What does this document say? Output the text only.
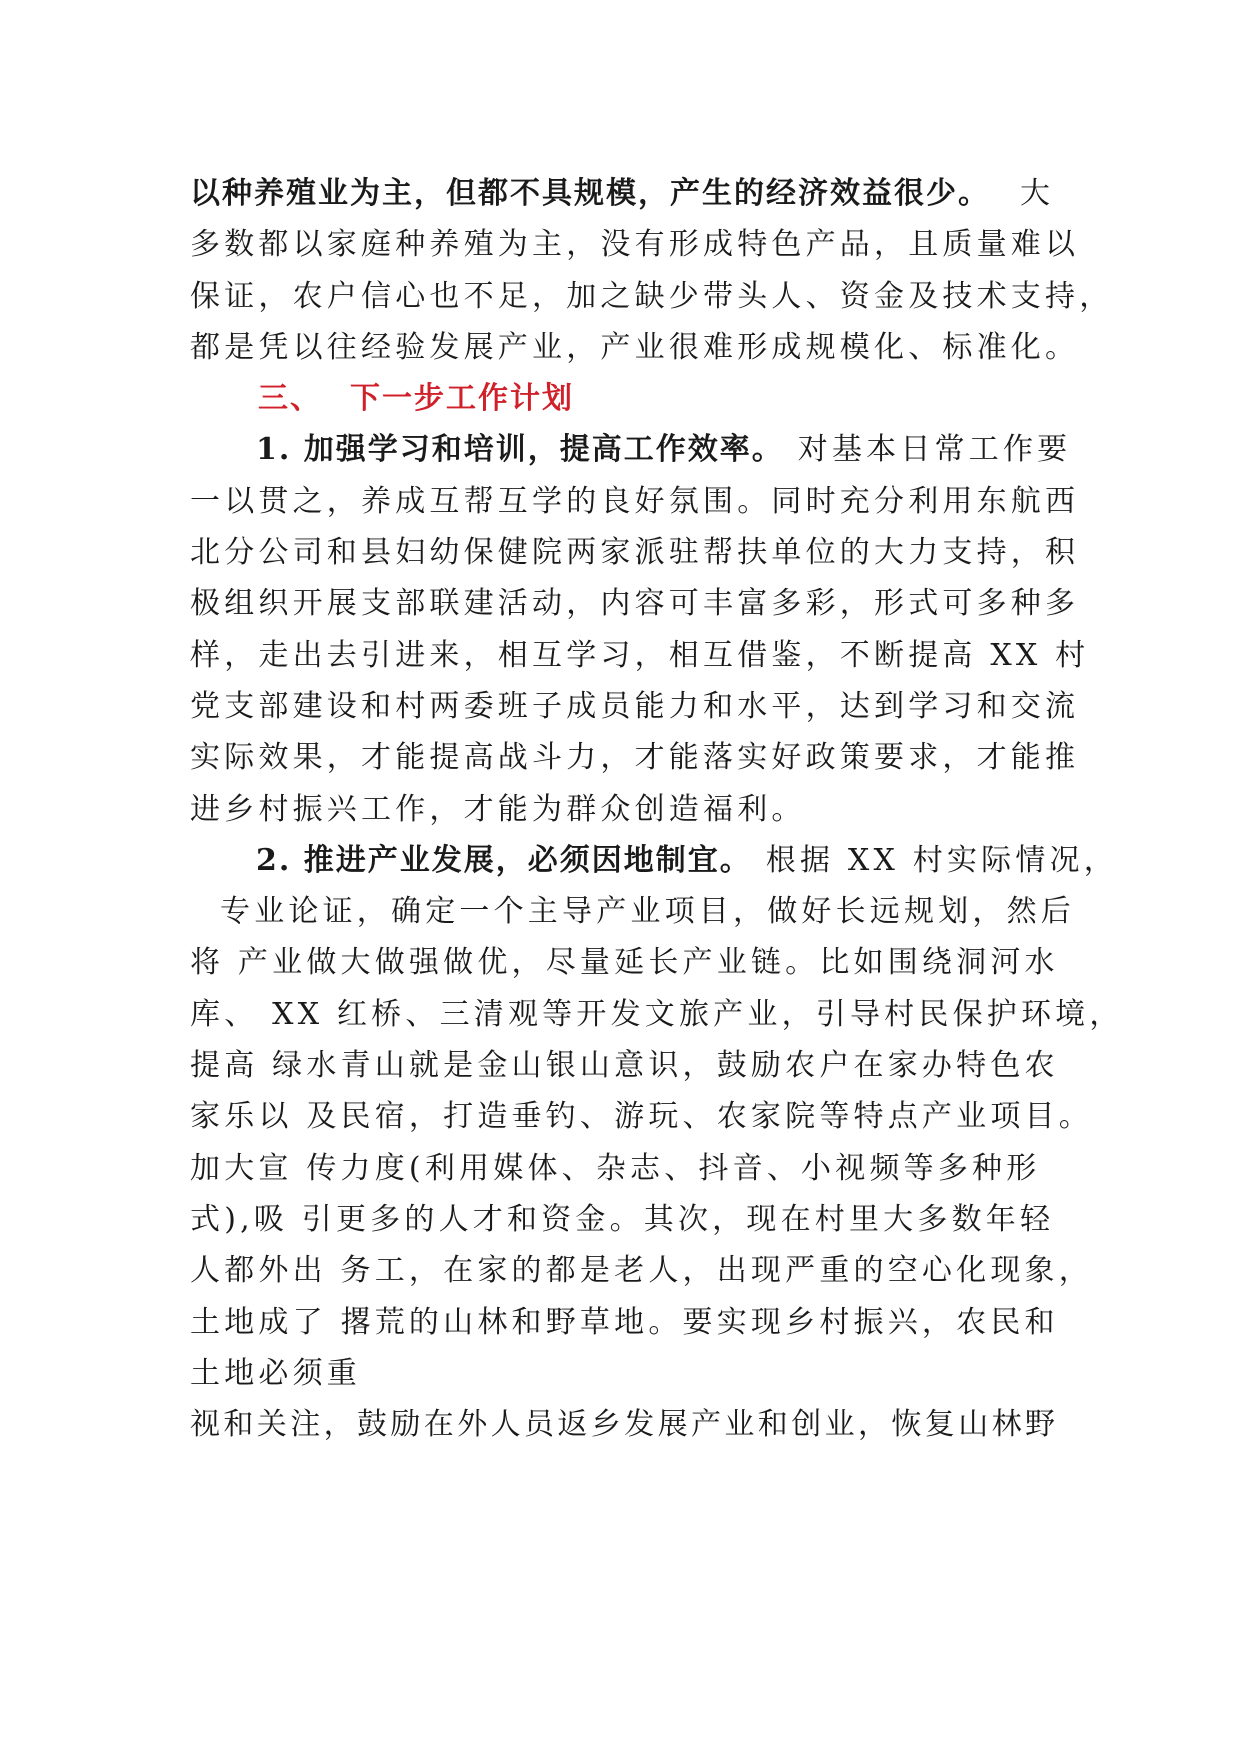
以种养殖业为主，但都不具规模，产生的经济效益很少。 大
多数都以家庭种养殖为主，没有形成特色产品，且质量难以
保证，农户信心也不足，加之缺少带头人、资金及技术支持，
都是凭以往经验发展产业，产业很难形成规模化、标准化。
三、 下一步工作计划
1. 加强学习和培训，提高工作效率。 对基本日常工作要
一以贯之，养成互帮互学的良好氛围。同时充分利用东航西
北分公司和县妇幼保健院两家派驻帮扶单位的大力支持，积
极组织开展支部联建活动，内容可丰富多彩，形式可多种多
样，走出去引进来，相互学习，相互借鉴，不断提高 XX 村
党支部建设和村两委班子成员能力和水平，达到学习和交流
实际效果，才能提高战斗力，才能落实好政策要求，才能推
进乡村振兴工作，才能为群众创造福利。
2. 推进产业发展，必须因地制宜。 根据 XX 村实际情况，
专业论证，确定一个主导产业项目，做好长远规划，然后
将 产业做大做强做优，尽量延长产业链。比如围绕洞河水
库、 XX 红桥、三清观等开发文旅产业，引导村民保护环境，
提高 绿水青山就是金山银山意识，鼓励农户在家办特色农
家乐以 及民宿，打造垂钓、游玩、农家院等特点产业项目。
加大宣 传力度(利用媒体、杂志、抖音、小视频等多种形
式),吸 引更多的人才和资金。其次，现在村里大多数年轻
人都外出 务工，在家的都是老人，出现严重的空心化现象，
土地成了 撂荒的山林和野草地。要实现乡村振兴，农民和
土地必须重
视和关注，鼓励在外人员返乡发展产业和创业，恢复山林野
